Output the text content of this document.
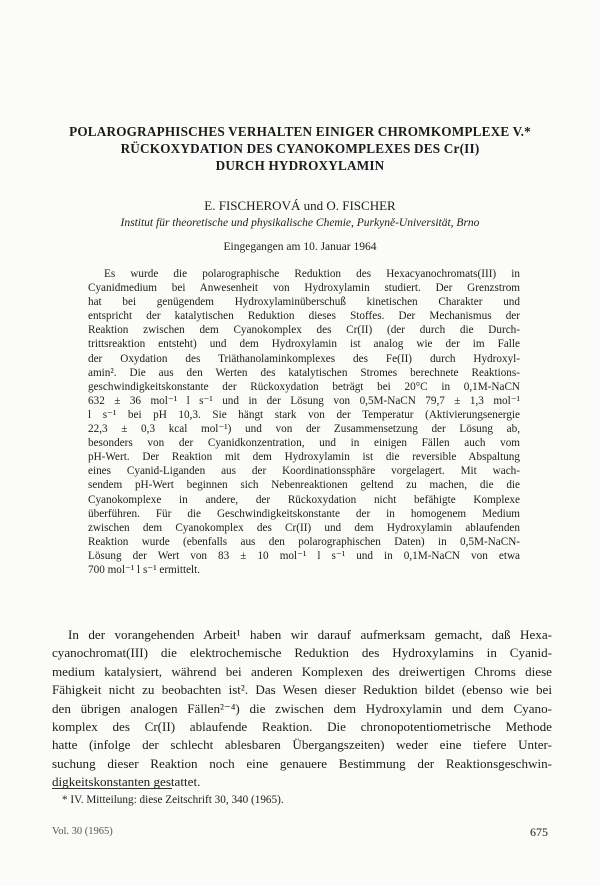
POLAROGRAPHISCHES VERHALTEN EINIGER CHROMKOMPLEXE V.*
RÜCKOXYDATION DES CYANOKOMPLEXES DES Cr(II)
DURCH HYDROXYLAMIN
E. FISCHEROVÁ und O. FISCHER
Institut für theoretische und physikalische Chemie, Purkyně-Universität, Brno
Eingegangen am 10. Januar 1964
Es wurde die polarographische Reduktion des Hexacyanochromats(III) in
Cyanidmedium bei Anwesenheit von Hydroxylamin studiert. Der Grenzstrom
hat bei genügendem Hydroxylaminüberschuß kinetischen Charakter und
entspricht der katalytischen Reduktion dieses Stoffes. Der Mechanismus der
Reaktion zwischen dem Cyanokomplex des Cr(II) (der durch die Durch-
trittsreaktion entsteht) und dem Hydroxylamin ist analog wie der im Falle
der Oxydation des Triäthanolaminkomplexes des Fe(II) durch Hydroxyl-
amin². Die aus den Werten des katalytischen Stromes berechnete Reaktions-
geschwindigkeitskonstante der Rückoxydation beträgt bei 20°C in 0,1M-NaCN
632 ± 36 mol⁻¹ l s⁻¹ und in der Lösung von 0,5M-NaCN 79,7 ± 1,3 mol⁻¹
l s⁻¹ bei pH 10,3. Sie hängt stark von der Temperatur (Aktivierungsenergie
22,3 ± 0,3 kcal mol⁻¹) und von der Zusammensetzung der Lösung ab,
besonders von der Cyanidkonzentration, und in einigen Fällen auch vom
pH-Wert. Der Reaktion mit dem Hydroxylamin ist die reversible Abspaltung
eines Cyanid-Liganden aus der Koordinationssphäre vorgelagert. Mit wach-
sendem pH-Wert beginnen sich Nebenreaktionen geltend zu machen, die die
Cyanokomplexe in andere, der Rückoxydation nicht befähigte Komplexe
überführen. Für die Geschwindigkeitskonstante der in homogenem Medium
zwischen dem Cyanokomplex des Cr(II) und dem Hydroxylamin ablaufenden
Reaktion wurde (ebenfalls aus den polarographischen Daten) in 0,5M-NaCN-
Lösung der Wert von 83 ± 10 mol⁻¹ l s⁻¹ und in 0,1M-NaCN von etwa
700 mol⁻¹ l s⁻¹ ermittelt.
In der vorangehenden Arbeit¹ haben wir darauf aufmerksam gemacht, daß Hexa-
cyanochromat(III) die elektrochemische Reduktion des Hydroxylamins in Cyanid-
medium katalysiert, während bei anderen Komplexen des dreiwertigen Chroms diese
Fähigkeit nicht zu beobachten ist². Das Wesen dieser Reduktion bildet (ebenso wie bei
den übrigen analogen Fällen²⁻⁴) die zwischen dem Hydroxylamin und dem Cyano-
komplex des Cr(II) ablaufende Reaktion. Die chronopotentiometrische Methode
hatte (infolge der schlecht ablesbaren Übergangszeiten) weder eine tiefere Unter-
suchung dieser Reaktion noch eine genauere Bestimmung der Reaktionsgeschwin-
digkeitskonstanten gestattet.
* IV. Mitteilung: diese Zeitschrift 30, 340 (1965).
Vol. 30 (1965)	675
